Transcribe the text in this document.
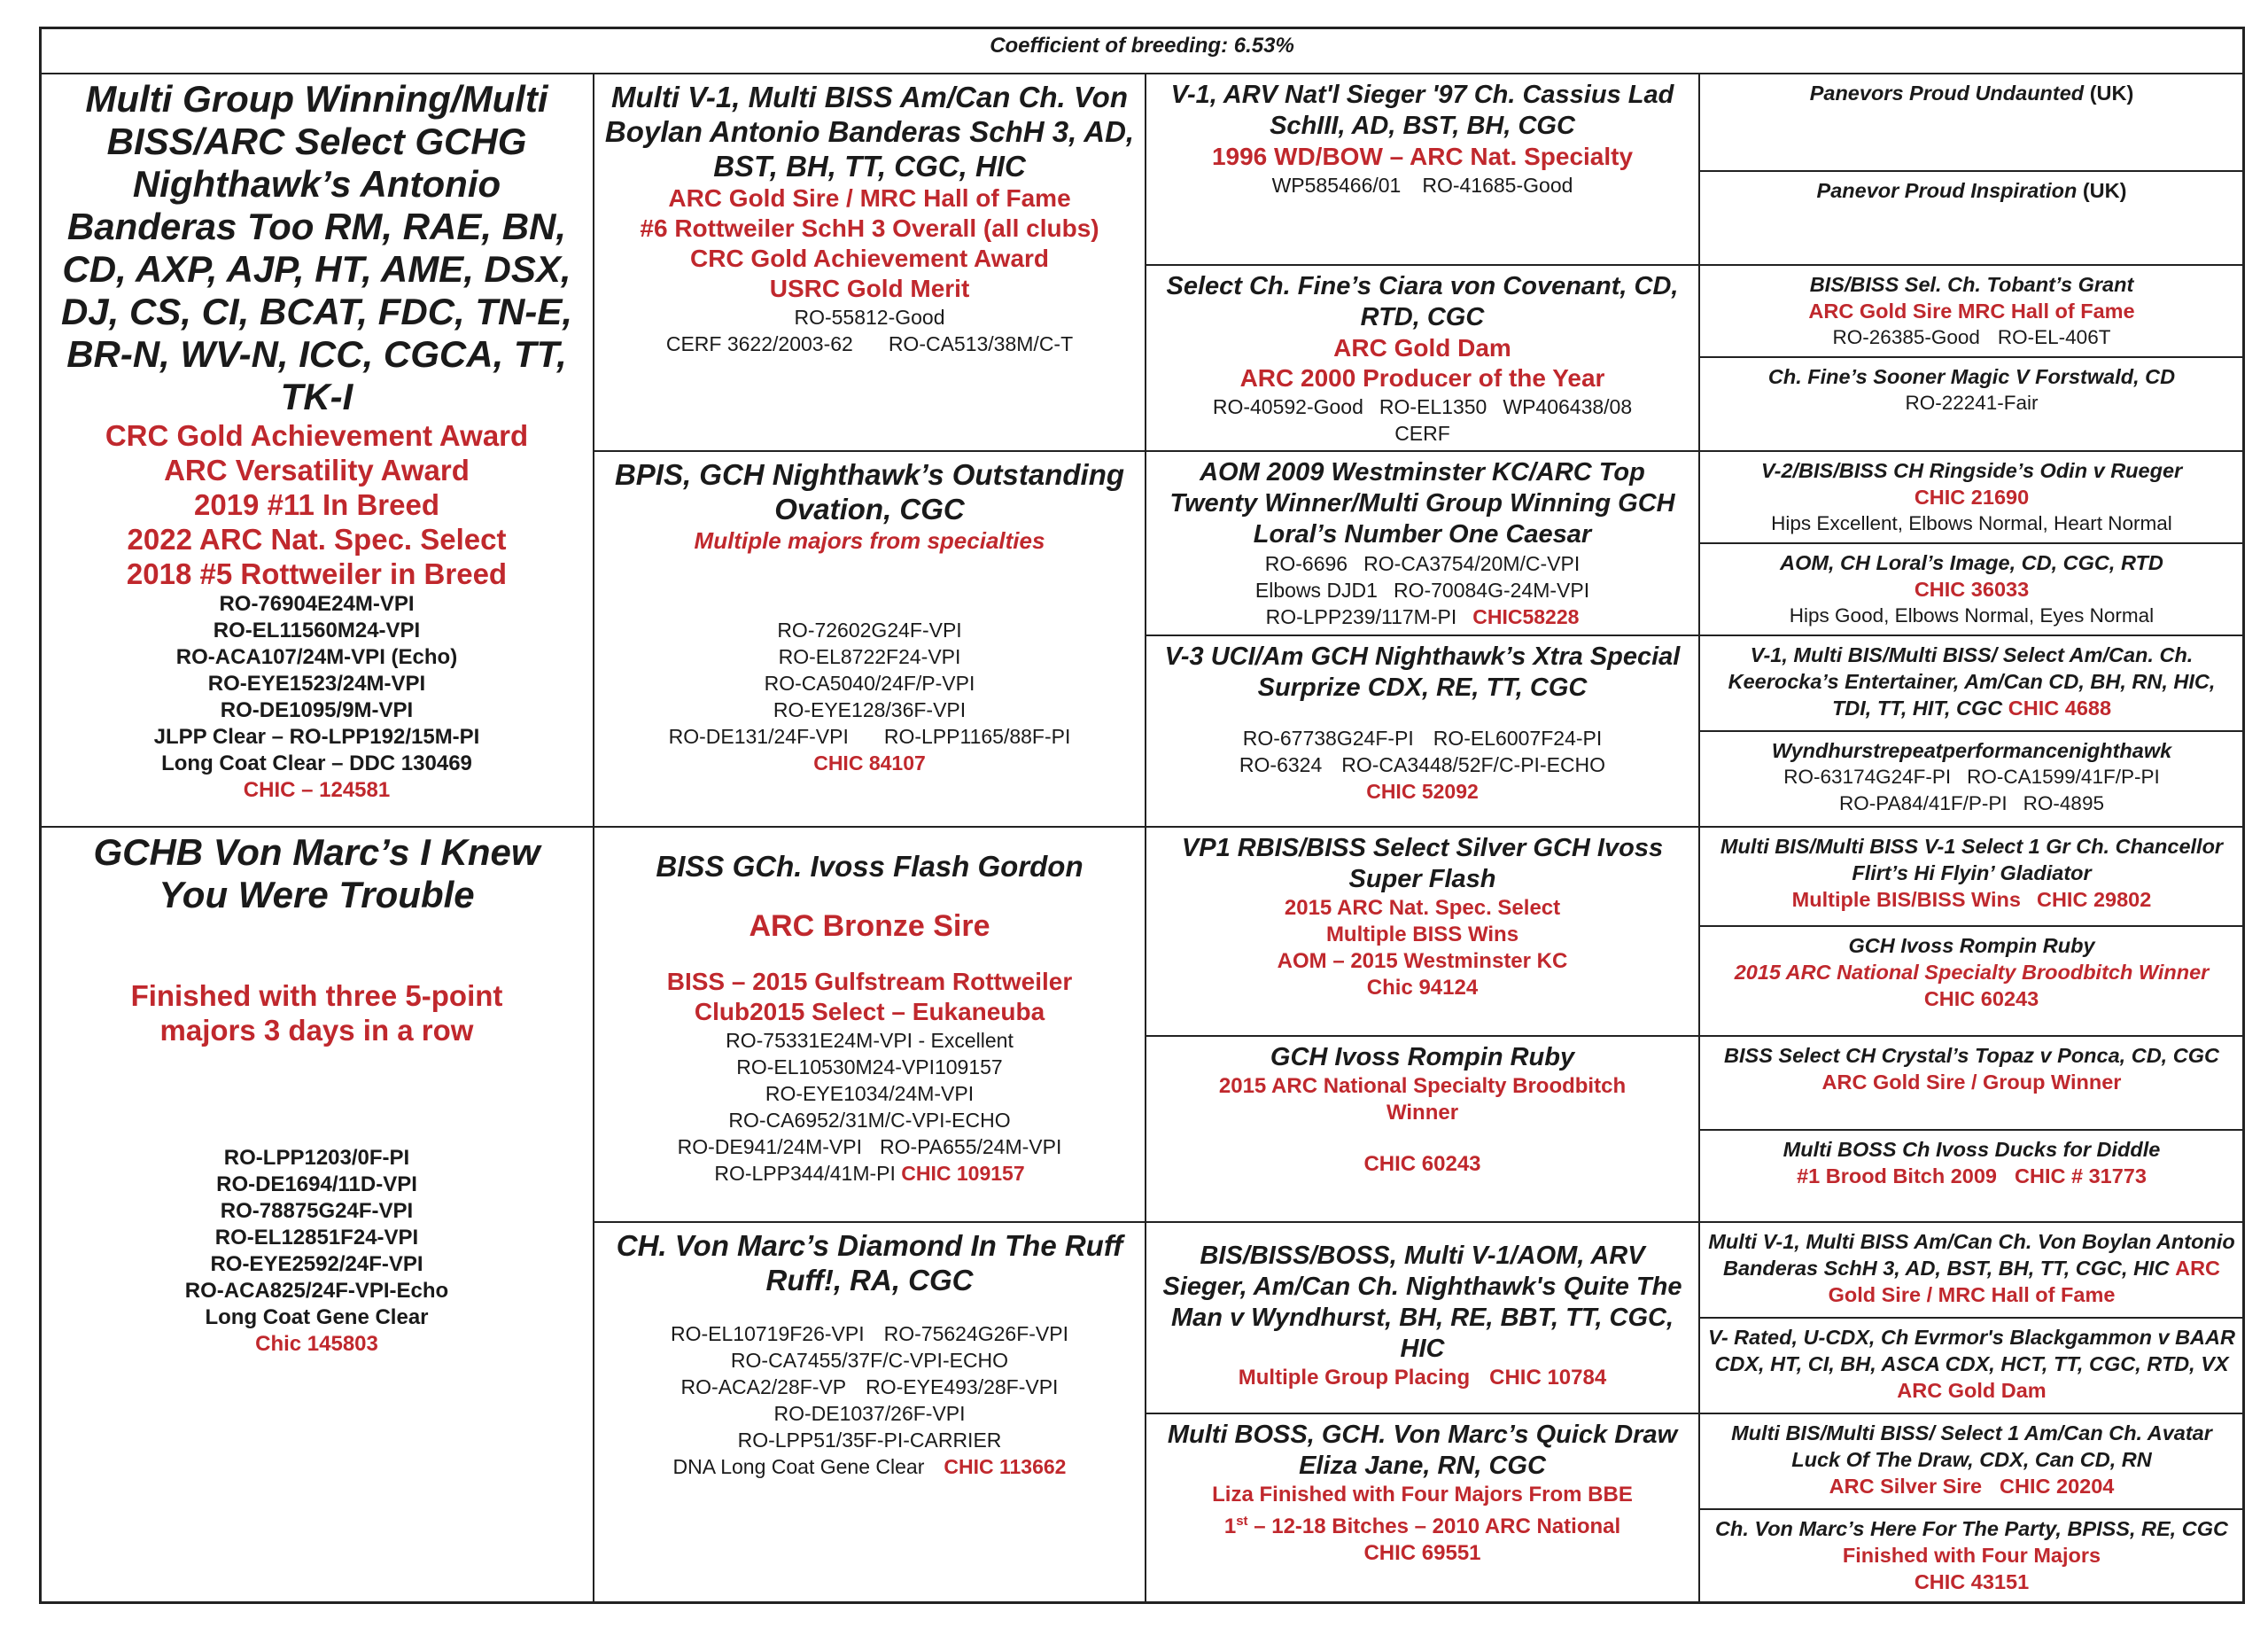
Coefficient of breeding: 6.53%
Multi Group Winning/Multi BISS/ARC Select GCHG Nighthawk’s Antonio Banderas Too RM, RAE, BN, CD, AXP, AJP, HT, AME, DSX, DJ, CS, CI, BCAT, FDC, TN-E, BR-N, WV-N, ICC, CGCA, TT, TK-I
CRC Gold Achievement Award
ARC Versatility Award
2019 #11 In Breed
2022 ARC Nat. Spec. Select
2018 #5 Rottweiler in Breed
RO-76904E24M-VPI
RO-EL11560M24-VPI
RO-ACA107/24M-VPI (Echo)
RO-EYE1523/24M-VPI
RO-DE1095/9M-VPI
JLPP Clear – RO-LPP192/15M-PI
Long Coat Clear – DDC 130469
CHIC – 124581
GCHB Von Marc’s I Knew You Were Trouble
Finished with three 5-point majors 3 days in a row
RO-LPP1203/0F-PI
RO-DE1694/11D-VPI
RO-78875G24F-VPI
RO-EL12851F24-VPI
RO-EYE2592/24F-VPI
RO-ACA825/24F-VPI-Echo
Long Coat Gene Clear
Chic 145803
Multi V-1, Multi BISS Am/Can Ch. Von Boylan Antonio Banderas SchH 3, AD, BST, BH, TT, CGC, HIC
ARC Gold Sire / MRC Hall of Fame
#6 Rottweiler SchH 3 Overall (all clubs)
CRC Gold Achievement Award
USRC Gold Merit
RO-55812-Good
CERF 3622/2003-62 RO-CA513/38M/C-T
BPIS, GCH Nighthawk’s Outstanding Ovation, CGC
Multiple majors from specialties
RO-72602G24F-VPI
RO-EL8722F24-VPI
RO-CA5040/24F/P-VPI
RO-EYE128/36F-VPI
RO-DE131/24F-VPI RO-LPP1165/88F-PI
CHIC 84107
BISS GCh. Ivoss Flash Gordon
ARC Bronze Sire
BISS – 2015 Gulfstream Rottweiler Club2015 Select – Eukaneuba
RO-75331E24M-VPI - Excellent
RO-EL10530M24-VPI109157
RO-EYE1034/24M-VPI
RO-CA6952/31M/C-VPI-ECHO
RO-DE941/24M-VPI RO-PA655/24M-VPI
RO-LPP344/41M-PI CHIC 109157
CH. Von Marc’s Diamond In The Ruff Ruff!, RA, CGC
RO-EL10719F26-VPI RO-75624G26F-VPI
RO-CA7455/37F/C-VPI-ECHO
RO-ACA2/28F-VP RO-EYE493/28F-VPI
RO-DE1037/26F-VPI
RO-LPP51/35F-PI-CARRIER
DNA Long Coat Gene Clear CHIC 113662
V-1, ARV Nat'l Sieger '97 Ch. Cassius Lad SchIII, AD, BST, BH, CGC
1996 WD/BOW – ARC Nat. Specialty
WP585466/01 RO-41685-Good
Select Ch. Fine’s Ciara von Covenant, CD, RTD, CGC
ARC Gold Dam
ARC 2000 Producer of the Year
RO-40592-Good RO-EL1350 WP406438/08
CERF
AOM 2009 Westminster KC/ARC Top Twenty Winner/Multi Group Winning GCH Loral’s Number One Caesar
RO-6696 RO-CA3754/20M/C-VPI
Elbows DJD1 RO-70084G-24M-VPI
RO-LPP239/117M-PI CHIC58228
V-3 UCI/Am GCH Nighthawk’s Xtra Special Surprize CDX, RE, TT, CGC
RO-67738G24F-PI RO-EL6007F24-PI
RO-6324 RO-CA3448/52F/C-PI-ECHO
CHIC 52092
VP1 RBIS/BISS Select Silver GCH Ivoss Super Flash
2015 ARC Nat. Spec. Select
Multiple BISS Wins
AOM – 2015 Westminster KC
Chic 94124
GCH Ivoss Rompin Ruby
2015 ARC National Specialty Broodbitch Winner
CHIC 60243
BIS/BISS/BOSS, Multi V-1/AOM, ARV Sieger, Am/Can Ch. Nighthawk's Quite The Man v Wyndhurst, BH, RE, BBT, TT, CGC, HIC
Multiple Group Placing CHIC 10784
Multi BOSS, GCH. Von Marc’s Quick Draw Eliza Jane, RN, CGC
Liza Finished with Four Majors From BBE
1st – 12-18 Bitches – 2010 ARC National
CHIC 69551
Panevors Proud Undaunted (UK)
Panevor Proud Inspiration (UK)
BIS/BISS Sel. Ch. Tobant’s Grant
ARC Gold Sire MRC Hall of Fame
RO-26385-Good RO-EL-406T
Ch. Fine’s Sooner Magic V Forstwald, CD
RO-22241-Fair
V-2/BIS/BISS CH Ringside’s Odin v Rueger
CHIC 21690
Hips Excellent, Elbows Normal, Heart Normal
AOM, CH Loral’s Image, CD, CGC, RTD
CHIC 36033
Hips Good, Elbows Normal, Eyes Normal
V-1, Multi BIS/Multi BISS/ Select Am/Can. Ch. Keerocka’s Entertainer, Am/Can CD, BH, RN, HIC, TDI, TT, HIT, CGC CHIC 4688
Wyndhurstrepeatperformancenighthawk
RO-63174G24F-PI RO-CA1599/41F/P-PI
RO-PA84/41F/P-PI RO-4895
Multi BIS/Multi BISS V-1 Select 1 Gr Ch. Chancellor Flirt’s Hi Flyin’ Gladiator
Multiple BIS/BISS Wins CHIC 29802
GCH Ivoss Rompin Ruby
2015 ARC National Specialty Broodbitch WinnerCHIC 60243
BISS Select CH Crystal’s Topaz v Ponca, CD, CGC
ARC Gold Sire / Group Winner
Multi BOSS Ch Ivoss Ducks for Diddle
#1 Brood Bitch 2009 CHIC # 31773
Multi V-1, Multi BISS Am/Can Ch. Von Boylan Antonio Banderas SchH 3, AD, BST, BH, TT, CGC, HIC ARC Gold Sire / MRC Hall of Fame
V- Rated, U-CDX, Ch Evrmor's Blackgammon v BAAR CDX, HT, CI, BH, ASCA CDX, HCT, TT, CGC, RTD, VX ARC Gold Dam
Multi BIS/Multi BISS/ Select 1 Am/Can Ch. Avatar Luck Of The Draw, CDX, Can CD, RN
ARC Silver Sire CHIC 20204
Ch. Von Marc’s Here For The Party, BPISS, RE, CGC Finished with Four Majors
CHIC 43151
